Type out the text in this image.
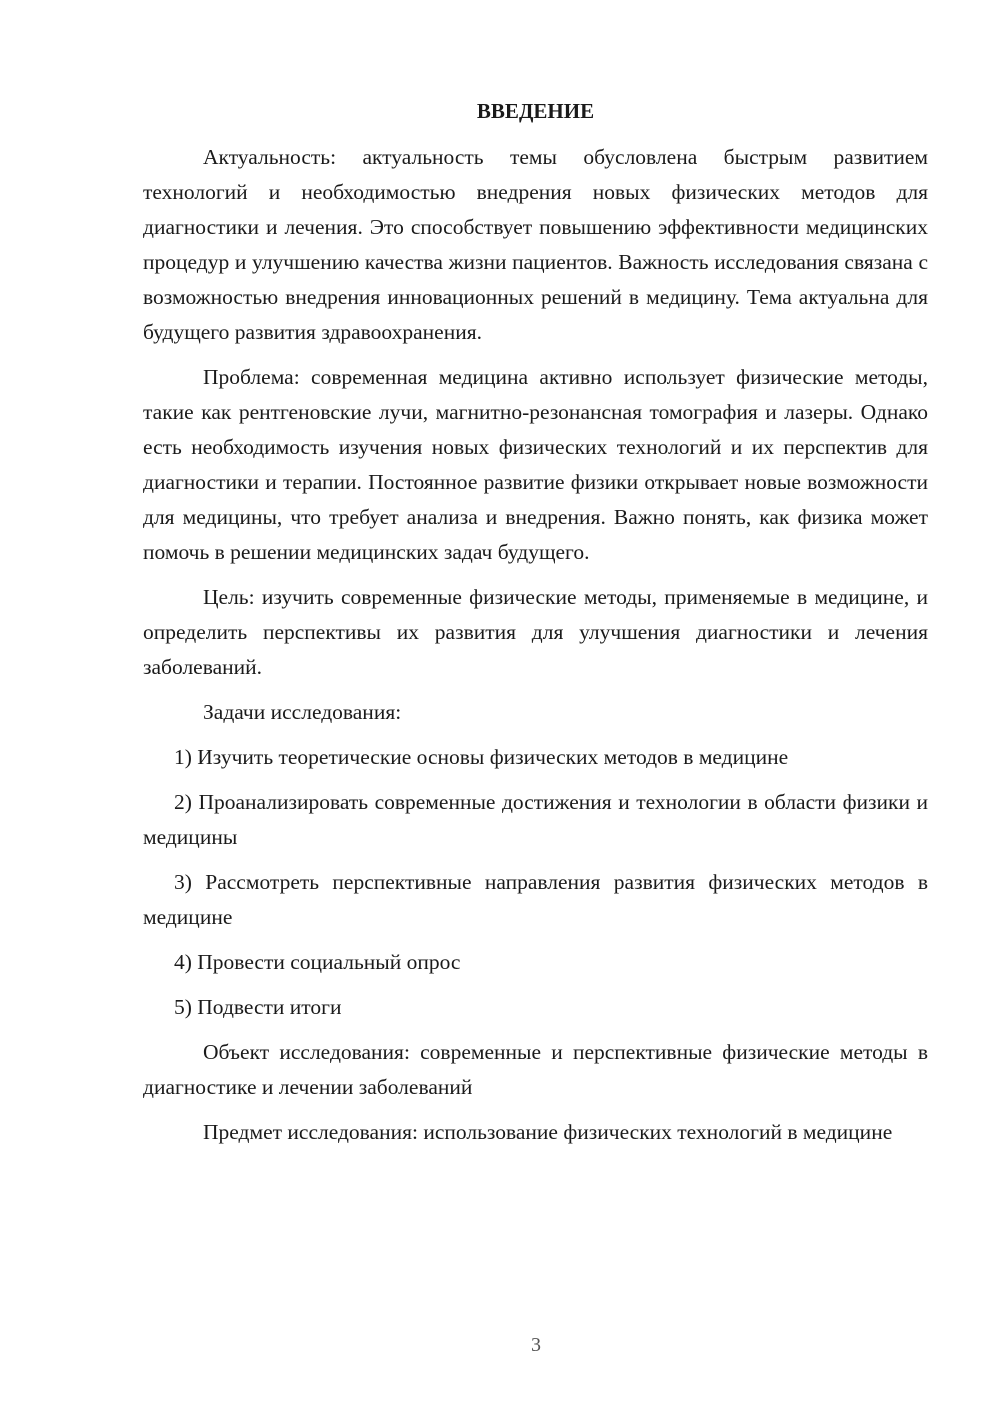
ВВЕДЕНИЕ

Актуальность: актуальность темы обусловлена быстрым развитием технологий и необходимостью внедрения новых физических методов для диагностики и лечения. Это способствует повышению эффективности медицинских процедур и улучшению качества жизни пациентов. Важность исследования связана с возможностью внедрения инновационных решений в медицину. Тема актуальна для будущего развития здравоохранения.

Проблема: современная медицина активно использует физические методы, такие как рентгеновские лучи, магнитно-резонансная томография и лазеры. Однако есть необходимость изучения новых физических технологий и их перспектив для диагностики и терапии. Постоянное развитие физики открывает новые возможности для медицины, что требует анализа и внедрения. Важно понять, как физика может помочь в решении медицинских задач будущего.

Цель: изучить современные физические методы, применяемые в медицине, и определить перспективы их развития для улучшения диагностики и лечения заболеваний.

Задачи исследования:

1) Изучить теоретические основы физических методов в медицине

2) Проанализировать современные достижения и технологии в области физики и медицины

3) Рассмотреть перспективные направления развития физических методов в медицине

4) Провести социальный опрос

5) Подвести итоги

Объект исследования: современные и перспективные физические методы в диагностике и лечении заболеваний

Предмет исследования: использование физических технологий в медицине

3
